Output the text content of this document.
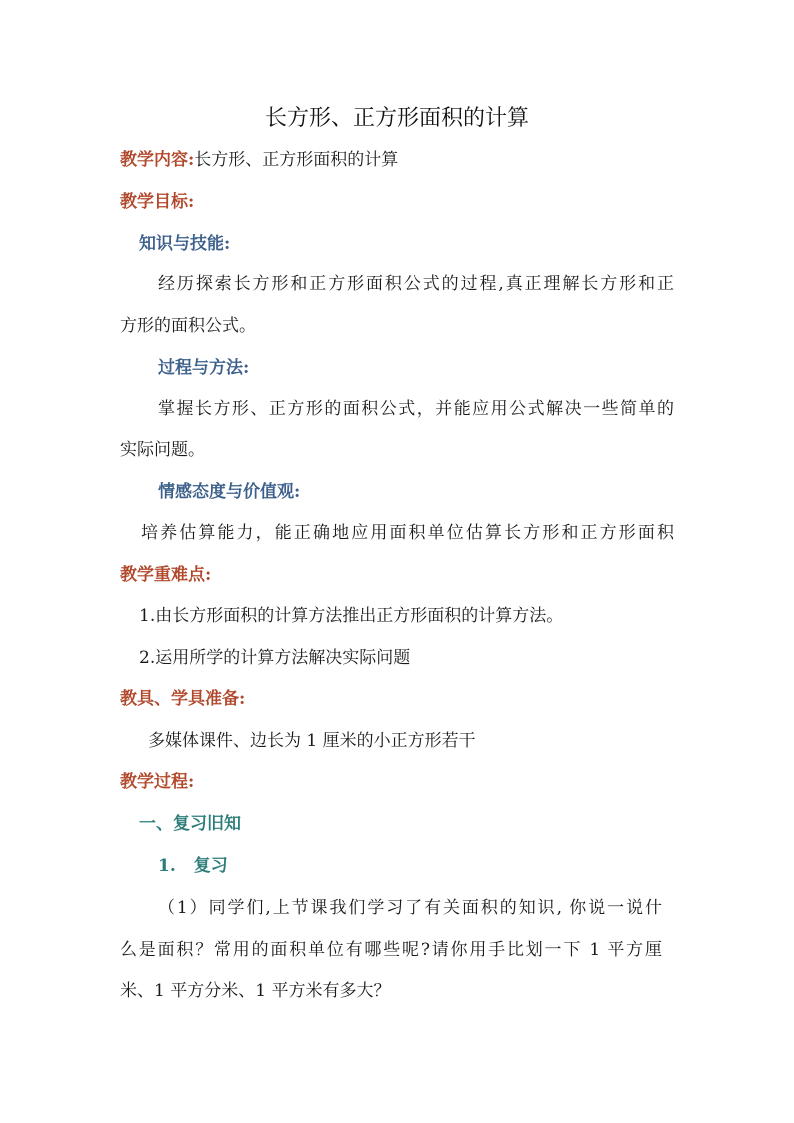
长方形、正方形面积的计算
教学内容:长方形、正方形面积的计算
教学目标:
知识与技能:
经历探索长方形和正方形面积公式的过程,真正理解长方形和正
方形的面积公式。
过程与方法:
掌握长方形、正方形的面积公式，并能应用公式解决一些简单的
实际问题。
情感态度与价值观:
培养估算能力，能正确地应用面积单位估算长方形和正方形面积
教学重难点:
1.由长方形面积的计算方法推出正方形面积的计算方法。
2.运用所学的计算方法解决实际问题
教具、学具准备:
多媒体课件、边长为 1 厘米的小正方形若干
教学过程:
一、复习旧知
1. 复习
（1）同学们,上节课我们学习了有关面积的知识, 你说一说什
么是面积？常用的面积单位有哪些呢?请你用手比划一下 1 平方厘
米、1 平方分米、1 平方米有多大？
